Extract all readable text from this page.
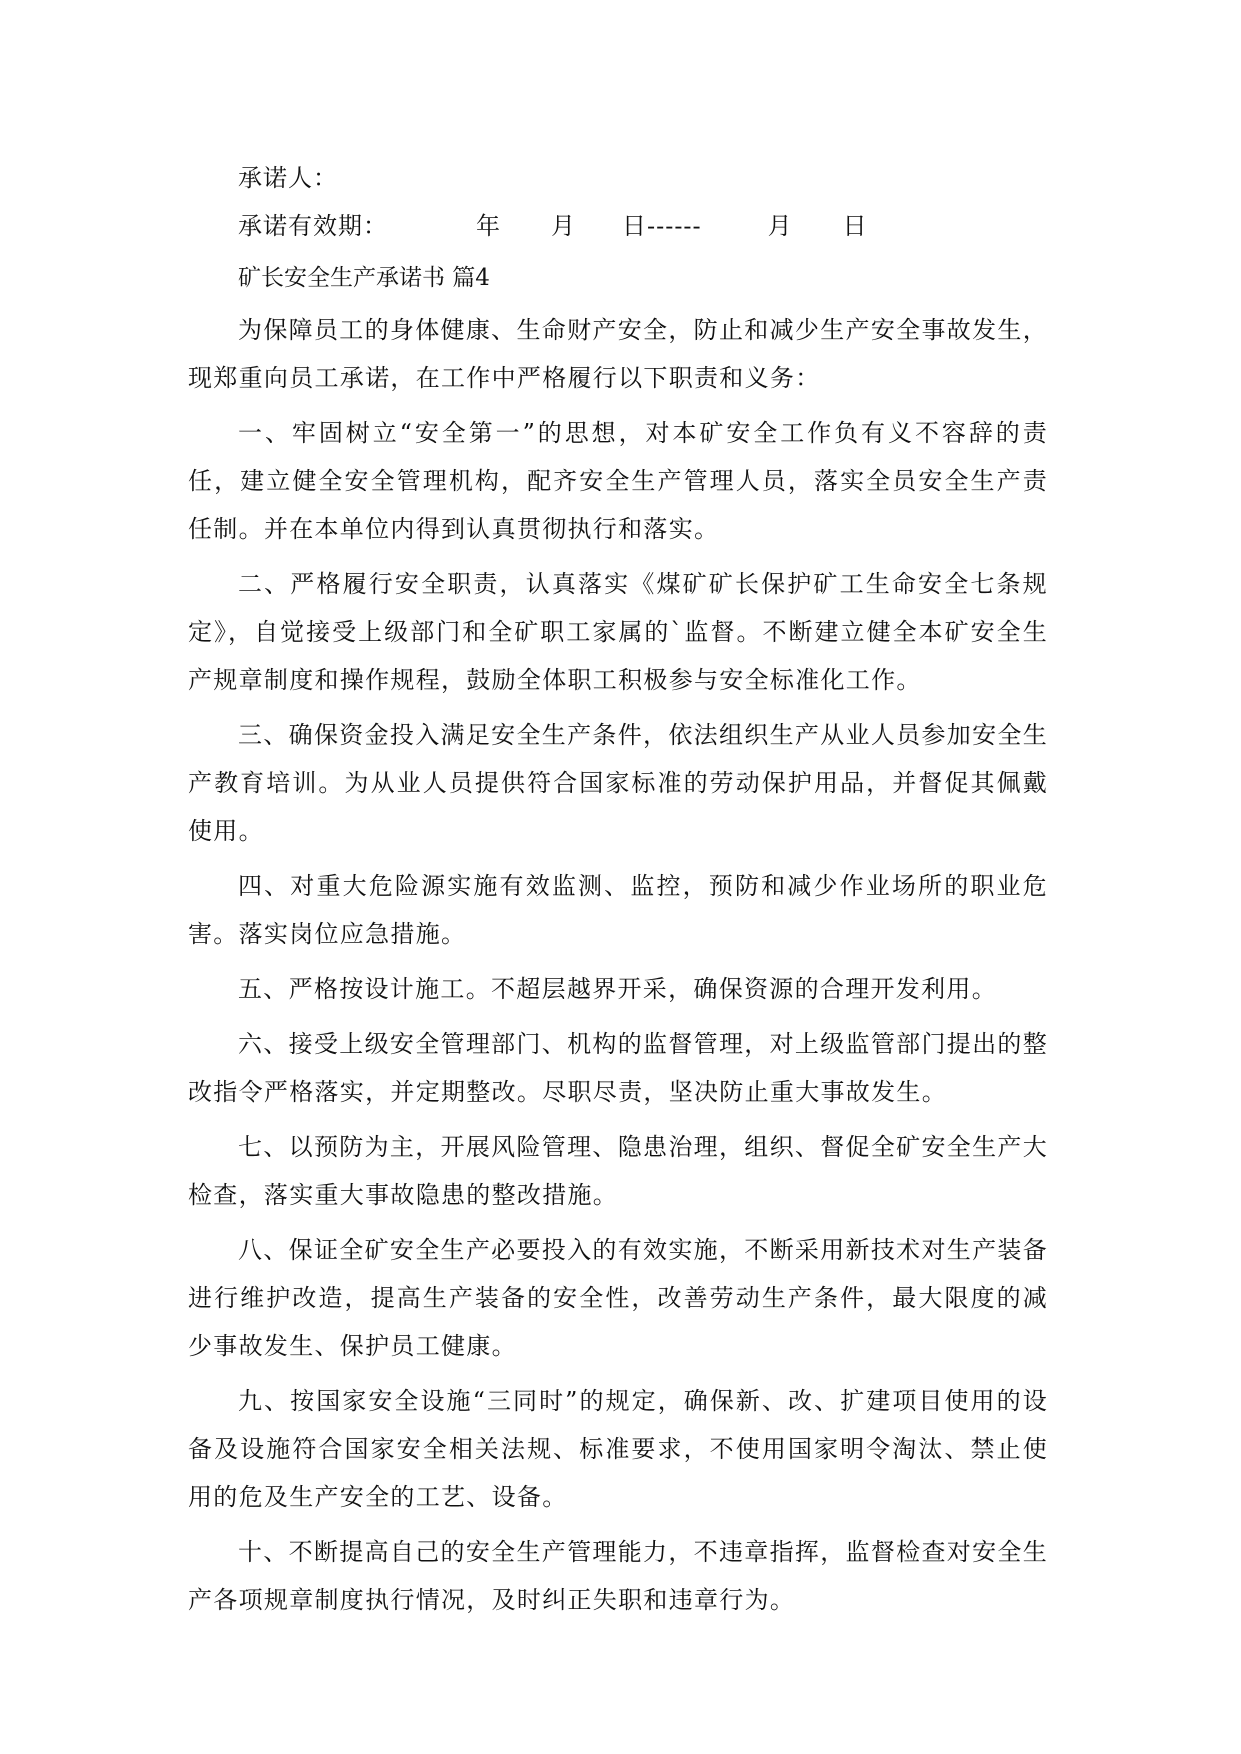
承诺人：
承诺有效期：	年 月 日------	月 日
矿长安全生产承诺书 篇4

为保障员工的身体健康、生命财产安全，防止和减少生产安全事故发生，现郑重向员工承诺，在工作中严格履行以下职责和义务：

一、牢固树立“安全第一”的思想，对本矿安全工作负有义不容辞的责任，建立健全安全管理机构，配齐安全生产管理人员，落实全员安全生产责任制。并在本单位内得到认真贯彻执行和落实。

二、严格履行安全职责，认真落实《煤矿矿长保护矿工生命安全七条规定》，自觉接受上级部门和全矿职工家属的`监督。不断建立健全本矿安全生产规章制度和操作规程，鼓励全体职工积极参与安全标准化工作。

三、确保资金投入满足安全生产条件，依法组织生产从业人员参加安全生产教育培训。为从业人员提供符合国家标准的劳动保护用品，并督促其佩戴使用。

四、对重大危险源实施有效监测、监控，预防和减少作业场所的职业危害。落实岗位应急措施。

五、严格按设计施工。不超层越界开采，确保资源的合理开发利用。

六、接受上级安全管理部门、机构的监督管理，对上级监管部门提出的整改指令严格落实，并定期整改。尽职尽责，坚决防止重大事故发生。

七、以预防为主，开展风险管理、隐患治理，组织、督促全矿安全生产大检查，落实重大事故隐患的整改措施。

八、保证全矿安全生产必要投入的有效实施，不断采用新技术对生产装备进行维护改造，提高生产装备的安全性，改善劳动生产条件，最大限度的减少事故发生、保护员工健康。

九、按国家安全设施“三同时”的规定，确保新、改、扩建项目使用的设备及设施符合国家安全相关法规、标准要求，不使用国家明令淘汰、禁止使用的危及生产安全的工艺、设备。

十、不断提高自己的安全生产管理能力，不违章指挥，监督检查对安全生产各项规章制度执行情况，及时纠正失职和违章行为。
